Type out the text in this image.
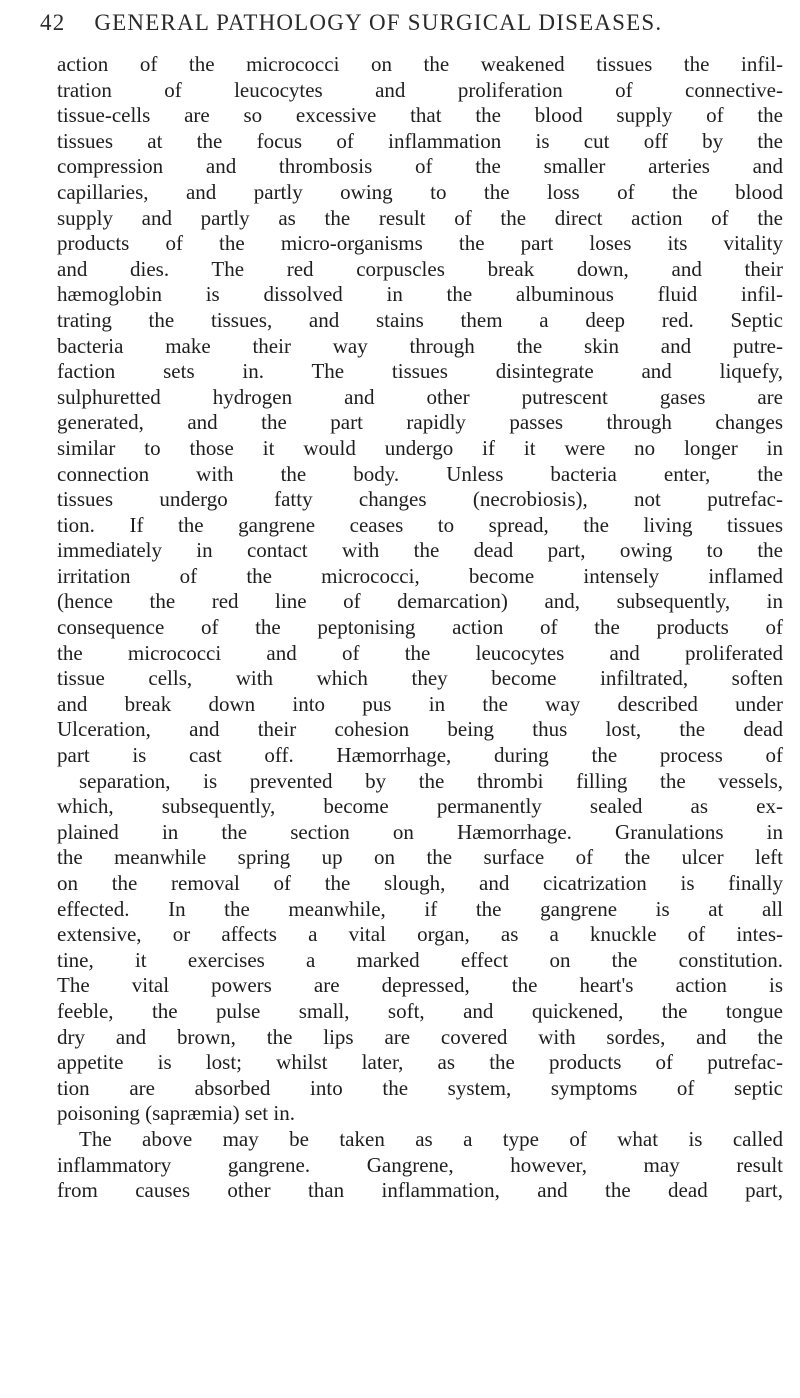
42 GENERAL PATHOLOGY OF SURGICAL DISEASES.
action of the micrococci on the weakened tissues the infil-
tration of leucocytes and proliferation of connective-
tissue-cells are so excessive that the blood supply of the
tissues at the focus of inflammation is cut off by the
compression and thrombosis of the smaller arteries and
capillaries, and partly owing to the loss of the blood
supply and partly as the result of the direct action of the
products of the micro-organisms the part loses its vitality
and dies. The red corpuscles break down, and their
hæmoglobin is dissolved in the albuminous fluid infil-
trating the tissues, and stains them a deep red. Septic
bacteria make their way through the skin and putre-
faction sets in. The tissues disintegrate and liquefy,
sulphuretted hydrogen and other putrescent gases are
generated, and the part rapidly passes through changes
similar to those it would undergo if it were no longer in
connection with the body. Unless bacteria enter, the
tissues undergo fatty changes (necrobiosis), not putrefac-
tion. If the gangrene ceases to spread, the living tissues
immediately in contact with the dead part, owing to the
irritation of the micrococci, become intensely inflamed
(hence the red line of demarcation) and, subsequently, in
consequence of the peptonising action of the products of
the micrococci and of the leucocytes and proliferated
tissue cells, with which they become infiltrated, soften
and break down into pus in the way described under
Ulceration, and their cohesion being thus lost, the dead
part is cast off. Hæmorrhage, during the process of
separation, is prevented by the thrombi filling the vessels,
which, subsequently, become permanently sealed as ex-
plained in the section on Hæmorrhage. Granulations in
the meanwhile spring up on the surface of the ulcer left
on the removal of the slough, and cicatrization is finally
effected. In the meanwhile, if the gangrene is at all
extensive, or affects a vital organ, as a knuckle of intes-
tine, it exercises a marked effect on the constitution.
The vital powers are depressed, the heart's action is
feeble, the pulse small, soft, and quickened, the tongue
dry and brown, the lips are covered with sordes, and the
appetite is lost; whilst later, as the products of putrefac-
tion are absorbed into the system, symptoms of septic
poisoning (sapræmia) set in.
The above may be taken as a type of what is called
inflammatory gangrene. Gangrene, however, may result
from causes other than inflammation, and the dead part,
